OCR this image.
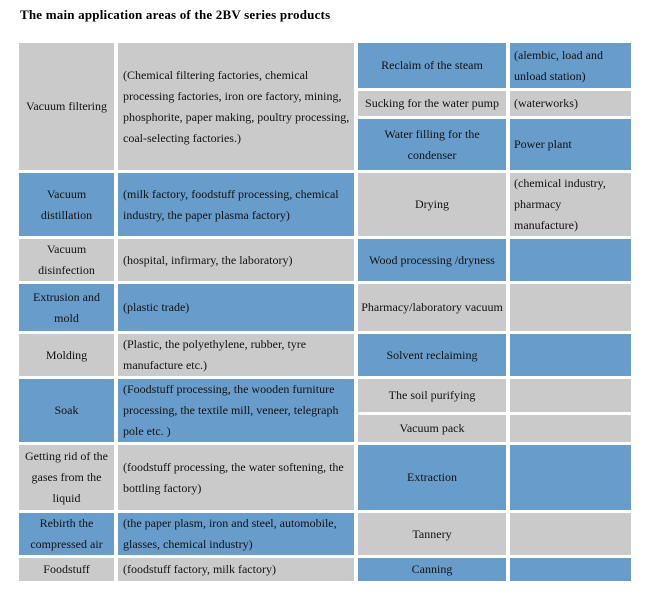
The main application areas of the 2BV series products
Vacuum filtering	(Chemical filtering factories, chemical processing factories, iron ore factory, mining, phosphorite, paper making, poultry processing, coal-selecting factories.)	Reclaim of the steam	(alembic, load and unload station)
		Sucking for the water pump	(waterworks)
		Water filling for the condenser	Power plant
Vacuum distillation	(milk factory, foodstuff processing, chemical industry, the paper plasma factory)	Drying	(chemical industry, pharmacy manufacture)
Vacuum disinfection	(hospital, infirmary, the laboratory)	Wood processing /dryness	
Extrusion and mold	(plastic trade)	Pharmacy/laboratory vacuum	
Molding	(Plastic, the polyethylene, rubber, tyre manufacture etc.)	Solvent reclaiming	
Soak	(Foodstuff processing, the wooden furniture processing, the textile mill, veneer, telegraph pole etc. )	The soil purifying	
		Vacuum pack	
Getting rid of the gases from the liquid	(foodstuff processing, the water softening, the bottling factory)	Extraction	
Rebirth the compressed air	(the paper plasm, iron and steel, automobile, glasses, chemical industry)	Tannery	
Foodstuff	(foodstuff factory, milk factory)	Canning	
